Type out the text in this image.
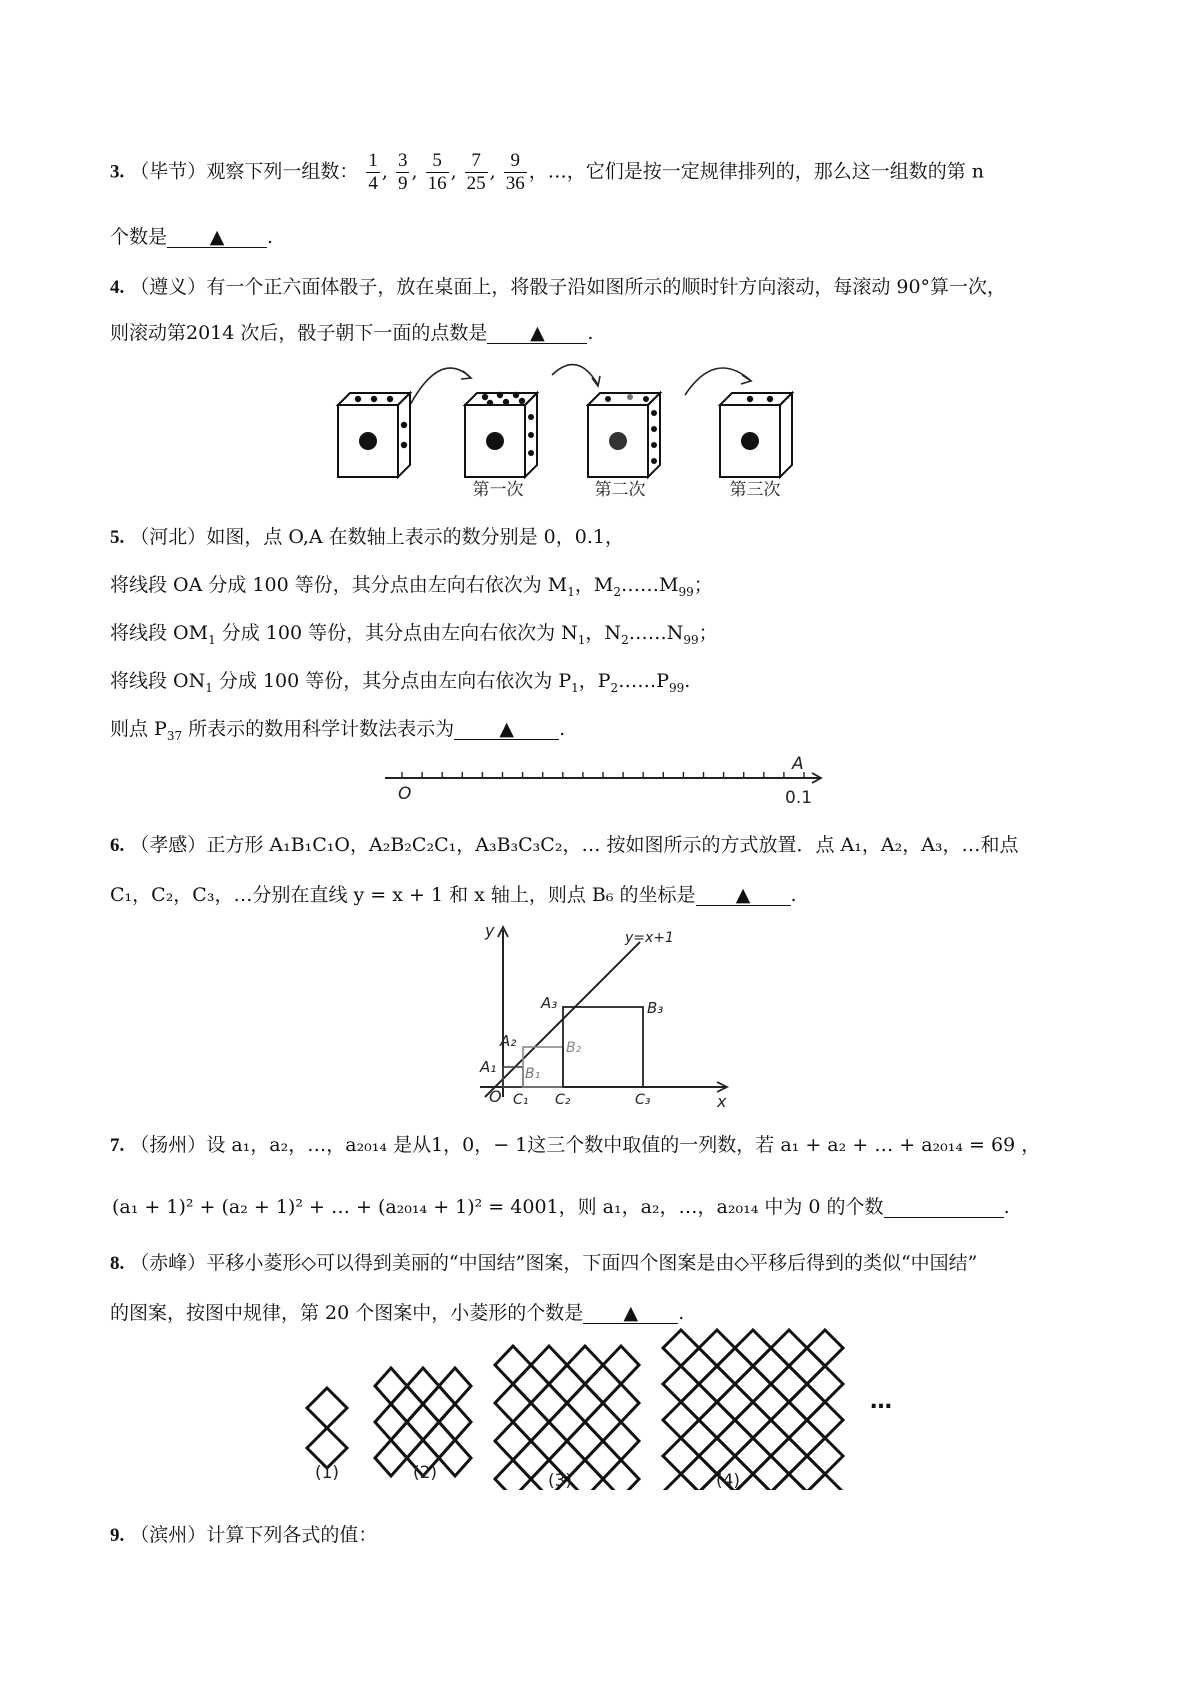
3. （毕节）观察下列一组数： $\frac{1}{4}$ , $\frac{3}{9}$ , $\frac{5}{16}$ , $\frac{7}{25}$ , $\frac{9}{36}$ ，…，它们是按一定规律排列的，那么这一组数的第 n
个数是 ▲ .
4. （遵义）有一个正六面体骰子，放在桌面上，将骰子沿如图所示的顺时针方向滚动，每滚动 90°算一次，
则滚动第2014 次后，骰子朝下一面的点数是 ▲ .
第一次	第二次	第三次
5. （河北）如图，点 O,A 在数轴上表示的数分别是 0，0.1，
将线段 OA 分成 100 等份，其分点由左向右依次为 $M_1$，$M_2\dots\dots M_{99}$；
将线段 $OM_1$ 分成 100 等份，其分点由左向右依次为 $N_1$，$N_2\dots\dots N_{99}$；
将线段 $ON_1$ 分成 100 等份，其分点由左向右依次为 $P_1$，$P_2\dots\dots P_{99}$.
则点 $P_{37}$ 所表示的数用科学计数法表示为 ▲ .
O
A
0.1
6. （孝感）正方形 A₁B₁C₁O，A₂B₂C₂C₁，A₃B₃C₃C₂，… 按如图所示的方式放置．点 A₁，A₂，A₃，…和点
C₁，C₂，C₃，…分别在直线 y = x + 1 和 x 轴上，则点 B₆ 的坐标是 ▲ .
y
x
O
y=x+1
A₁
A₂
A₃
B₁
B₂
B₃
C₁ C₂	C₃
7. （扬州）设 a₁，a₂，…，a₂₀₁₄ 是从1，0，− 1这三个数中取值的一列数，若 a₁ + a₂ + … + a₂₀₁₄ = 69 ，
(a₁ + 1)² + (a₂ + 1)² + … + (a₂₀₁₄ + 1)² = 4001，则 a₁，a₂，…，a₂₀₁₄ 中为 0 的个数	.
8. （赤峰）平移小菱形◇可以得到美丽的“中国结”图案，下面四个图案是由◇平移后得到的类似“中国结”
的图案，按图中规律，第 20 个图案中，小菱形的个数是 ▲ .
…
(1)	(2)	(3)	(4)
9. （滨州）计算下列各式的值：
